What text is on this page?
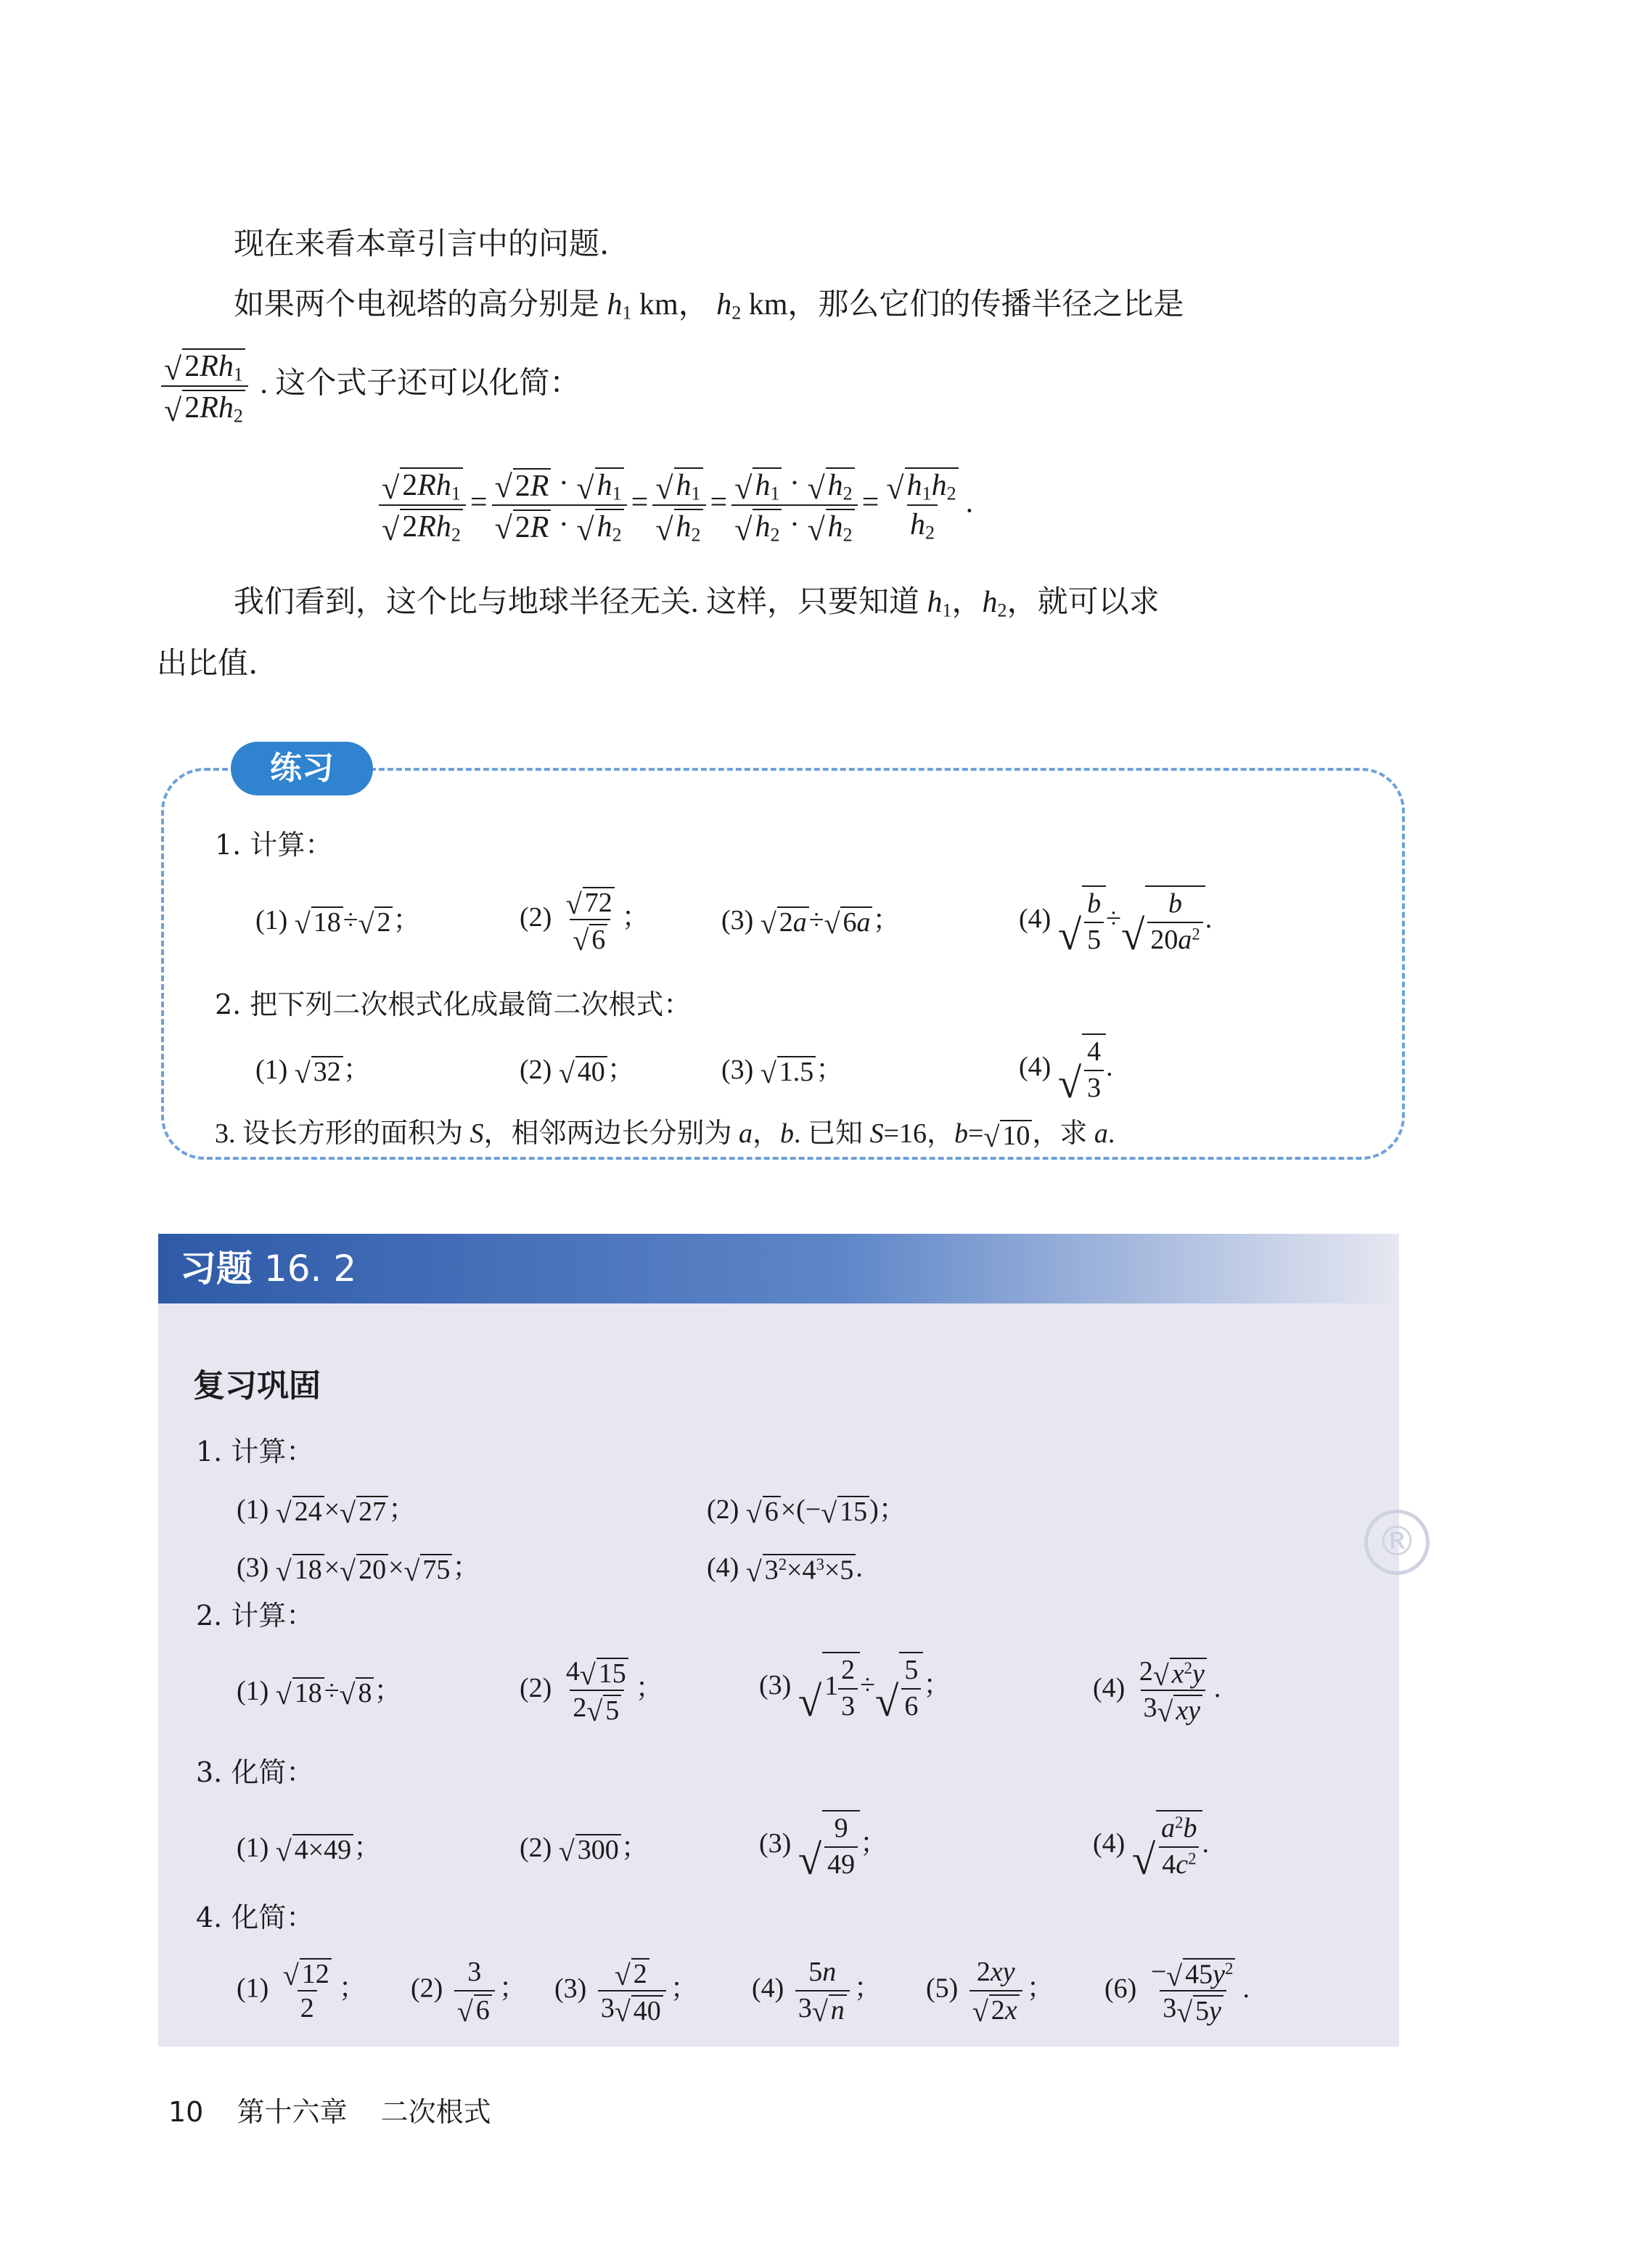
现在来看本章引言中的问题.
如果两个电视塔的高分别是 $h_1$ km， $h_2$ km，那么它们的传播半径之比是
$\frac{√ 2Rh_1}{√ 2Rh_2}$ . 这个式子还可以化简：
$\frac{√ 2Rh_1}{√ 2Rh_2} = \frac{√ 2R \cdot √ h_1}{√ 2R \cdot √ h_2} = \frac{√ h_1}{√ h_2} = \frac{√ h_1 \cdot √ h_2}{√ h_2 \cdot √ h_2} = \frac{√ h_1h_2}{h_2}$ .
我们看到，这个比与地球半径无关. 这样，只要知道 $h_1$，$h_2$，就可以求
出比值.
练习
1. 计算：
(1) √ 18 ÷ √ 2 ；	$(2) \frac{√ 72}{√ 6}$ ；	(3) √ 2a ÷ √ 6a ；	(4) √ $\frac{b}{5}$ ÷ √ $\frac{b}{20a^2}$ .
2. 把下列二次根式化成最简二次根式：
(1) √ 32 ；	(2) √ 40 ；	(3) √ 1.5 ；	(4) √ $\frac{4}{3}$ .
3. 设长方形的面积为 S，相邻两边长分别为 a，b. 已知 S=16，b= √ 10 ，求 a.
习题 16. 2
®
复习巩固
1. 计算：
(1) √ 24 × √ 27 ；	(2) √ 6 ×(− √ 15 )；
(3) √ 18 × √ 20 × √ 75 ；	(4) √ $3^2\times 4^3\times 5$ .
2. 计算：
(1) √ 18 ÷ √ 8 ；	$(2) \frac{4 √ 15}{2 √ 5}$ ；	(3) √ $1 \frac{2}{3}$ ÷ √ $\frac{5}{6}$ ；	$(4) \frac{2 √ x^2y}{3 √ xy}$ .
3. 化简：
(1) √ 4×49 ；	(2) √ 300 ；	(3) √ $\frac{9}{49}$ ；	(4) √ $\frac{a^2b}{4c^2}$ .
4. 化简：
$(1) \frac{√ 12}{2}$ ； $(2) \frac{3}{√ 6}$ ； $(3) \frac{√ 2}{3 √ 40}$ ； $(4) \frac{5n}{3 √ n}$ ； $(5) \frac{2xy}{√ 2x}$ ； $(6) \frac{- √ 45y^2}{3 √ 5y}$ .
10 第十六章 二次根式
